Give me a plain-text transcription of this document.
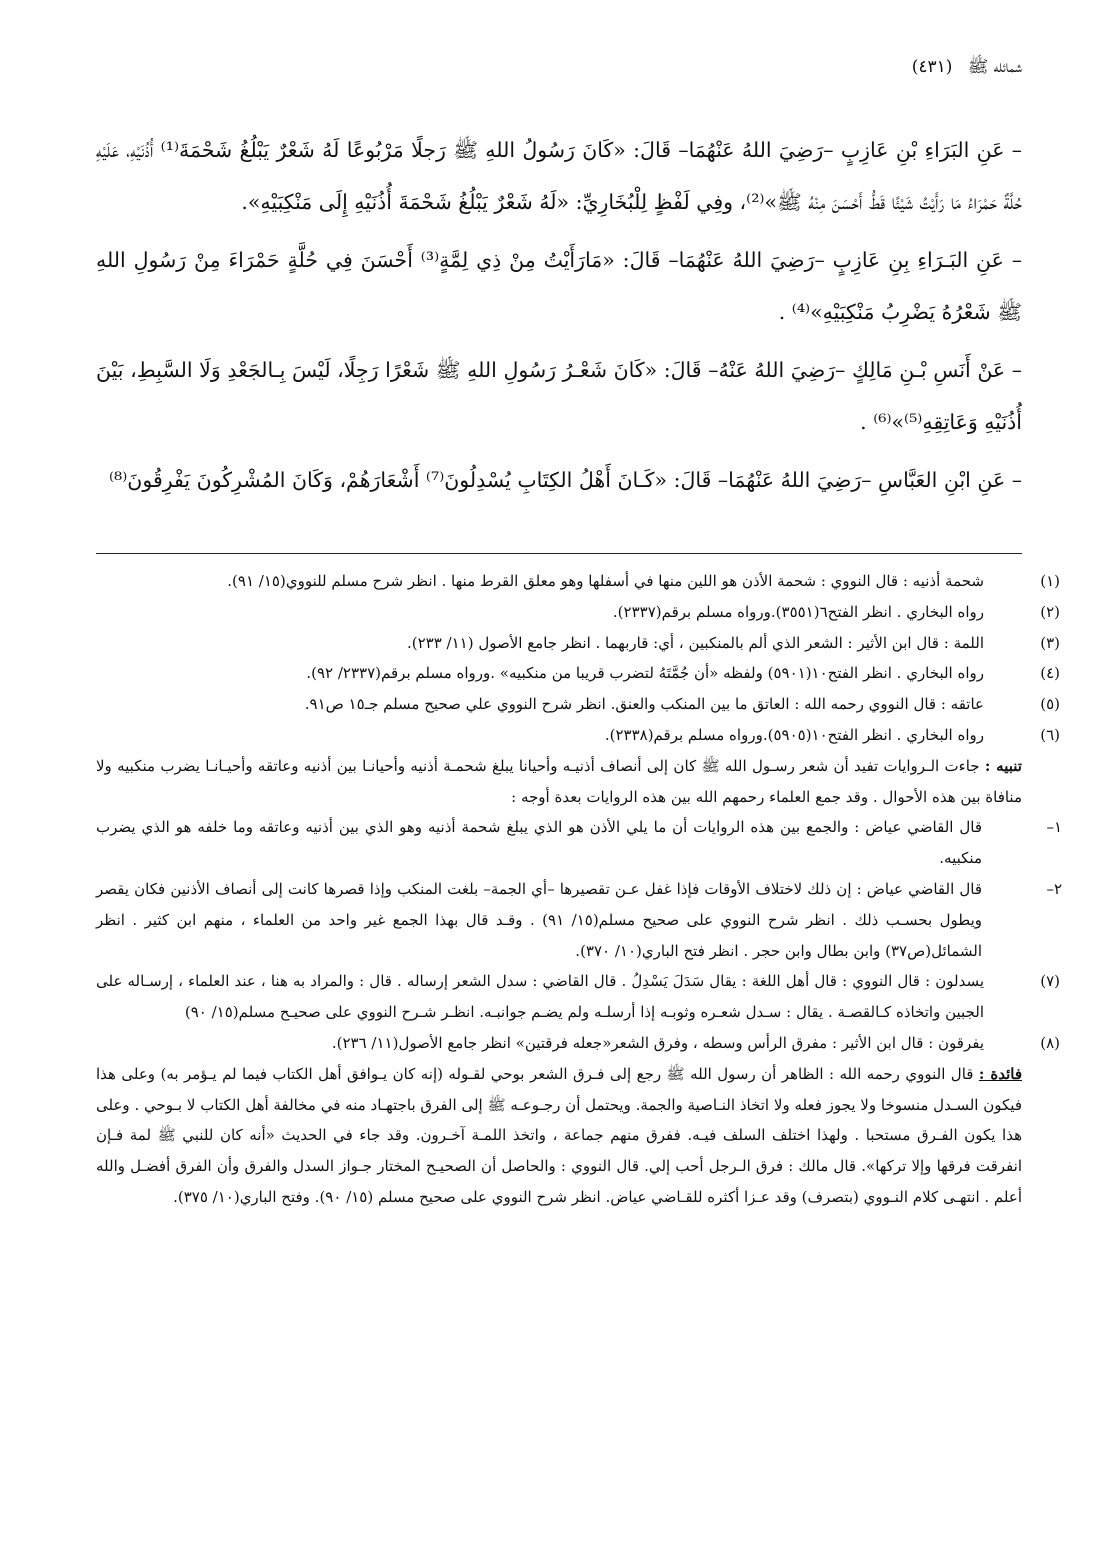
شمائله ﷺ (٤٣١)

– عَنِ البَرَاءِ بْنِ عَازِبٍ –رَضِيَ اللهُ عَنْهُمَا– قَالَ: «كَانَ رَسُولُ اللهِ ﷺ رَجلًا مَرْبُوعًا لَهُ شَعْرٌ يَبْلُغُ شَحْمَةَ⁽¹⁾ أُذُنَيْهِ، عَلَيْهِ حُلَّةٌ حَمْرَاءُ مَا رَأَيْتُ شَيْئًا قَطُّ أَحْسَنَ مِنْهُ ﷺ»⁽²⁾، وفِي لَفْظٍ لِلْبُخَارِيِّ: «لَهُ شَعْرٌ يَبْلُغُ شَحْمَةَ أُذُنَيْهِ إِلَى مَنْكِبَيْهِ».

– عَنِ البَـرَاءِ بِنِ عَازِبٍ –رَضِيَ اللهُ عَنْهُمَا– قَالَ: «مَارَأَيْتُ مِنْ ذِي لِمَّةٍ⁽³⁾ أَحْسَنَ فِي حُلَّةٍ حَمْرَاءَ مِنْ رَسُولِ اللهِ ﷺ شَعْرُهُ يَضْرِبُ مَنْكِبَيْهِ»⁽⁴⁾ .

– عَنْ أَنَسِ بْـنِ مَالِكٍ –رَضِيَ اللهُ عَنْهُ– قَالَ: «كَانَ شَعْـرُ رَسُولِ اللهِ ﷺ شَعْرًا رَجِلًا، لَيْسَ بِـالجَعْدِ وَلَا السَّبِطِ، بَيْنَ أُذُنَيْهِ وَعَاتِقِهِ⁽⁵⁾»⁽⁶⁾ .

– عَنِ ابْنِ العَبَّاسِ –رَضِيَ اللهُ عَنْهُمَا– قَالَ: «كَـانَ أَهْلُ الكِتَابِ يُسْدِلُونَ⁽⁷⁾ أَشْعَارَهُمْ، وَكَانَ المُشْرِكُونَ يَفْرِقُونَ⁽⁸⁾

(١)شحمة أذنيه : قال النووي : شحمة الأذن هو اللين منها في أسفلها وهو معلق القرط منها . انظر شرح مسلم للنووي(١٥/ ٩١).

(٢)رواه البخاري . انظر الفتح٦(٣٥٥١).ورواه مسلم برقم(٢٣٣٧).

(٣)اللمة : قال ابن الأثير : الشعر الذي ألم بالمنكبين ، أي: قاربهما . انظر جامع الأصول (١١/ ٢٣٣).

(٤)رواه البخاري . انظر الفتح١٠(٥٩٠١) ولفظه «أن جُمَّتَهُ لتضرب قريبا من منكبيه» .ورواه مسلم برقم(٢٣٣٧/ ٩٢).

(٥)عاتقه : قال النووي رحمه الله : العاتق ما بين المنكب والعنق. انظر شرح النووي علي صحيح مسلم جـ١٥ ص٩١.

(٦)رواه البخاري . انظر الفتح١٠(٥٩٠٥).ورواه مسلم برقم(٢٣٣٨).

تنبيه : جاءت الـروايات تفيد أن شعر رسـول الله ﷺ كان إلى أنصاف أذنيـه وأحيانا يبلغ شحمـة أذنيه وأحيانـا بين أذنيه وعاتقه وأحيـانـا يضرب منكبيه ولا منافاة بين هذه الأحوال . وقد جمع العلماء رحمهم الله بين هذه الروايات بعدة أوجه :

١–قال القاضي عياض : والجمع بين هذه الروايات أن ما يلي الأذن هو الذي يبلغ شحمة أذنيه وهو الذي بين أذنيه وعاتقه وما خلفه هو الذي يضرب منكبيه.

٢–قال القاضي عياض : إن ذلك لاختلاف الأوقات فإذا غفل عـن تقصيرها –أي الجمة– بلغت المنكب وإذا قصرها كانت إلى أنصاف الأذنين فكان يقصر ويطول بحسـب ذلك . انظر شرح النووي على صحيح مسلم(١٥/ ٩١) . وقـد قال بهذا الجمع غير واحد من العلماء ، منهم ابن كثير . انظر الشمائل(ص٣٧) وابن بطال وابن حجر . انظر فتح الباري(١٠/ ٣٧٠).

(٧)يسدلون : قال النووي : قال أهل اللغة : يقال سَدَلَ يَسْدِلُ . قال القاضي : سدل الشعر إرساله . قال : والمراد به هنا ، عند العلماء ، إرسـاله على الجبين واتخاذه كـالقصـة . يقال : سـدل شعـره وثوبـه إذا أرسلـه ولم يضـم جوانبـه. انظـر شـرح النووي على صحيـح مسلم(١٥/ ٩٠)

(٨)يفرقون : قال ابن الأثير : مفرق الرأس وسطه ، وفرق الشعر«جعله فرقتين» انظر جامع الأصول(١١/ ٢٣٦).

فائدة : قال النووي رحمه الله : الظاهر أن رسول الله ﷺ رجع إلى فـرق الشعر بوحي لقـوله (إنه كان يـوافق أهل الكتاب فيما لم يـؤمر به) وعلى هذا فيكون السـدل منسوخا ولا يجوز فعله ولا اتخاذ النـاصية والجمة. ويحتمل أن رجـوعـه ﷺ إلى الفرق باجتهـاد منه في مخالفة أهل الكتاب لا بـوحي . وعلى هذا يكون الفـرق مستحبا . ولهذا اختلف السلف فيـه. ففرق منهم جماعة ، واتخذ اللمـة آخـرون. وقد جاء في الحديث «أنه كان للنبي ﷺ لمة فـإن انفرقت فرقها وإلا تركها». قال مالك : فرق الـرجل أحب إلي. قال النووي : والحاصل أن الصحيـح المختار جـواز السدل والفرق وأن الفرق أفضـل والله أعلم . انتهـى كلام النـووي (بتصرف) وقد عـزا أكثره للقـاضي عياض. انظر شرح النووي على صحيح مسلم (١٥/ ٩٠). وفتح الباري(١٠/ ٣٧٥).
